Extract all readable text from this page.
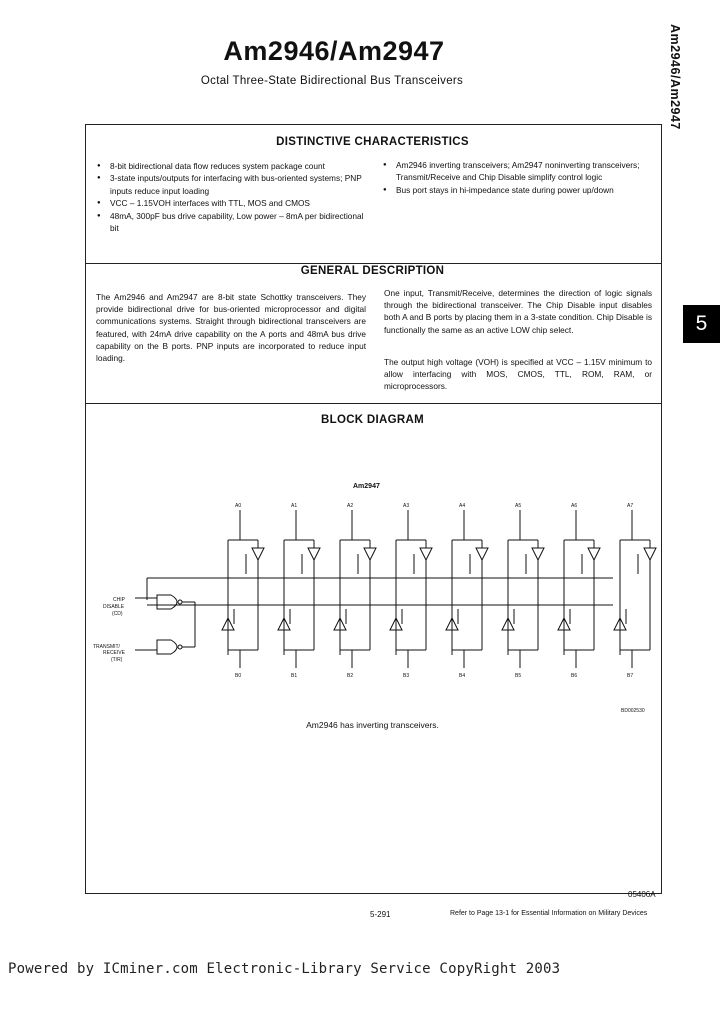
Am2946/Am2947
Octal Three-State Bidirectional Bus Transceivers	Am2946/Am2947
5
DISTINCTIVE CHARACTERISTICS
● 8-bit bidirectional data flow reduces system package count
● 3-state inputs/outputs for interfacing with bus-oriented systems; PNP inputs reduce input loading
● VCC – 1.15VOH interfaces with TTL, MOS and CMOS
● 48mA, 300pF bus drive capability, Low power – 8mA per bidirectional bit
● Am2946 inverting transceivers; Am2947 noninverting transceivers; Transmit/Receive and Chip Disable simplify control logic
● Bus port stays in hi-impedance state during power up/down
GENERAL DESCRIPTION

The Am2946 and Am2947 are 8-bit state Schottky transceivers. They provide bidirectional drive for bus-oriented microprocessor and digital communications systems. Straight through bidirectional transceivers are featured, with 24mA drive capability on the A ports and 48mA bus drive capability on the B ports. PNP inputs are incorporated to reduce input loading.

One input, Transmit/Receive, determines the direction of logic signals through the bidirectional transceiver. The Chip Disable input disables both A and B ports by placing them in a 3-state condition. Chip Disable is functionally the same as an active LOW chip select.

The output high voltage (VOH) is specified at VCC – 1.15V minimum to allow interfacing with MOS, CMOS, TTL, ROM, RAM, or microprocessors.

BLOCK DIAGRAM
Am2947
A0	A1	A2	A3	A4	A5	A6	A7
B0	B1	B2	B3	B4	B5	B6	B7
CHIP
DISABLE
(CD)
TRANSMIT/
RECEIVE
(T/R)
BD002530
Am2946 has inverting transceivers.
05406A
5-291	Refer to Page 13-1 for Essential Information on Military Devices
Powered by ICminer.com Electronic-Library Service CopyRight 2003
